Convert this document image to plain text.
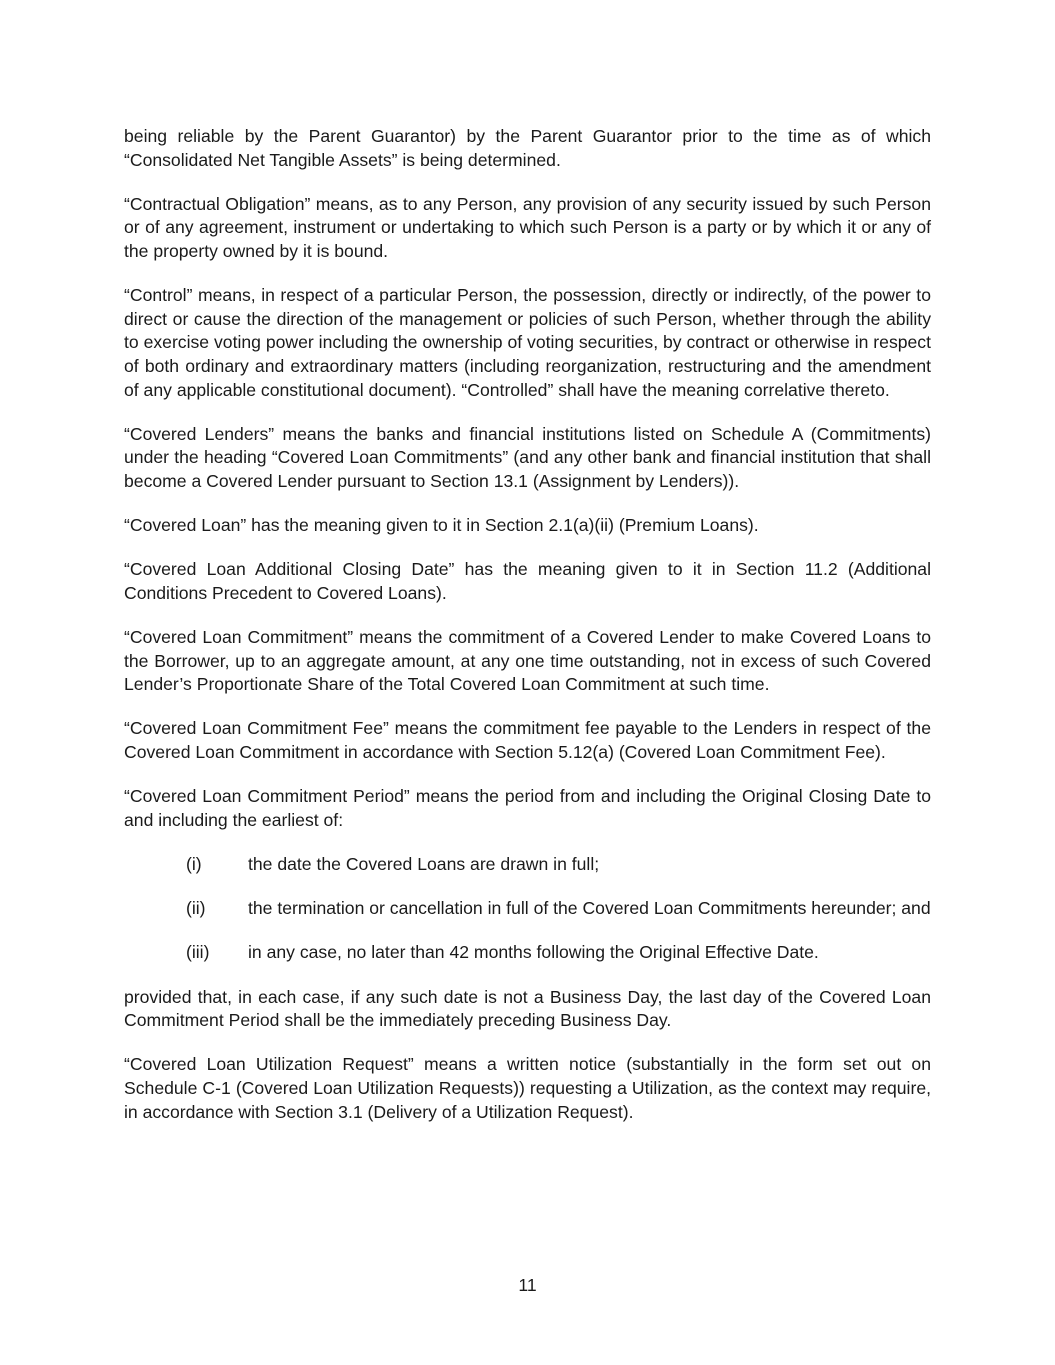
being reliable by the Parent Guarantor) by the Parent Guarantor prior to the time as of which “Consolidated Net Tangible Assets” is being determined.

“Contractual Obligation” means, as to any Person, any provision of any security issued by such Person or of any agreement, instrument or undertaking to which such Person is a party or by which it or any of the property owned by it is bound.

“Control” means, in respect of a particular Person, the possession, directly or indirectly, of the power to direct or cause the direction of the management or policies of such Person, whether through the ability to exercise voting power including the ownership of voting securities, by contract or otherwise in respect of both ordinary and extraordinary matters (including reorganization, restructuring and the amendment of any applicable constitutional document). “Controlled” shall have the meaning correlative thereto.

“Covered Lenders” means the banks and financial institutions listed on Schedule A (Commitments) under the heading “Covered Loan Commitments” (and any other bank and financial institution that shall become a Covered Lender pursuant to Section 13.1 (Assignment by Lenders)).

“Covered Loan” has the meaning given to it in Section 2.1(a)(ii) (Premium Loans).

“Covered Loan Additional Closing Date” has the meaning given to it in Section 11.2 (Additional Conditions Precedent to Covered Loans).

“Covered Loan Commitment” means the commitment of a Covered Lender to make Covered Loans to the Borrower, up to an aggregate amount, at any one time outstanding, not in excess of such Covered Lender’s Proportionate Share of the Total Covered Loan Commitment at such time.

“Covered Loan Commitment Fee” means the commitment fee payable to the Lenders in respect of the Covered Loan Commitment in accordance with Section 5.12(a) (Covered Loan Commitment Fee).

“Covered Loan Commitment Period” means the period from and including the Original Closing Date to and including the earliest of:

(i)	the date the Covered Loans are drawn in full;
(ii) the termination or cancellation in full of the Covered Loan Commitments hereunder; and
(iii) in any case, no later than 42 months following the Original Effective Date.

provided that, in each case, if any such date is not a Business Day, the last day of the Covered Loan Commitment Period shall be the immediately preceding Business Day.

“Covered Loan Utilization Request” means a written notice (substantially in the form set out on Schedule C-1 (Covered Loan Utilization Requests)) requesting a Utilization, as the context may require, in accordance with Section 3.1 (Delivery of a Utilization Request).

11
